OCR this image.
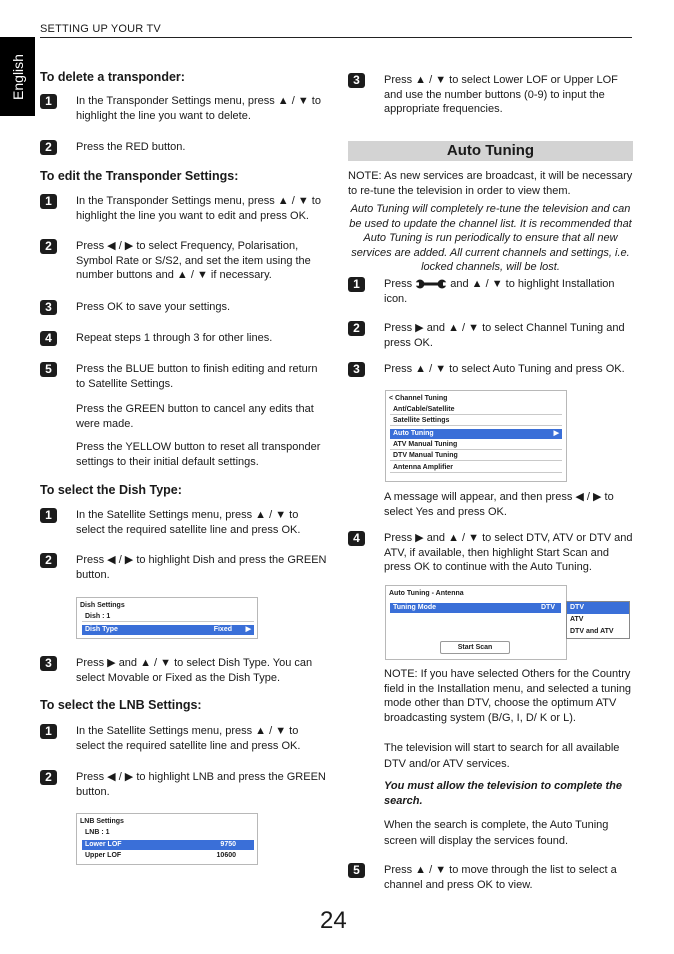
SETTING UP YOUR TV
English To delete a transponder:
1	In the Transponder Settings menu, press ▲ / ▼ to highlight the line you want to delete.
2	Press the RED button.
To edit the Transponder Settings:
1	In the Transponder Settings menu, press ▲ / ▼ to highlight the line you want to edit and press OK.
2	Press ◀ / ▶ to select Frequency, Polarisation, Symbol Rate or S/S2, and set the item using the number buttons and ▲ / ▼ if necessary.
3	Press OK to save your settings.
4	Repeat steps 1 through 3 for other lines.
5	Press the BLUE button to finish editing and return to Satellite Settings.
Press the GREEN button to cancel any edits that were made.
Press the YELLOW button to reset all transponder settings to their initial default settings.
To select the Dish Type:
1	In the Satellite Settings menu, press ▲ / ▼ to select the required satellite line and press OK.
2	Press ◀ / ▶ to highlight Dish and press the GREEN button.
Dish Settings
Dish : 1
Dish Type	Fixed ▶
3	Press ▶ and ▲ / ▼ to select Dish Type. You can select Movable or Fixed as the Dish Type.
To select the LNB Settings:
1	In the Satellite Settings menu, press ▲ / ▼ to select the required satellite line and press OK.
2	Press ◀ / ▶ to highlight LNB and press the GREEN button.
LNB Settings
LNB : 1
Lower LOF	9750
Upper LOF	10600
3	Press ▲ / ▼ to select Lower LOF or Upper LOF and use the number buttons (0-9) to input the appropriate frequencies.
Auto Tuning
NOTE: As new services are broadcast, it will be necessary to re-tune the television in order to view them.
Auto Tuning will completely re-tune the television and can be used to update the channel list. It is recommended that Auto Tuning is run periodically to ensure that all new services are added. All current channels and settings, i.e. locked channels, will be lost.
1	Press	and ▲ / ▼ to highlight Installation icon.
2	Press ▶ and ▲ / ▼ to select Channel Tuning and press OK.
3	Press ▲ / ▼ to select Auto Tuning and press OK.
< Channel Tuning
Ant/Cable/Satellite
Satellite Settings
Auto Tuning	▶
ATV Manual Tuning
DTV Manual Tuning
Antenna Amplifier
A message will appear, and then press ◀ / ▶ to select Yes and press OK.
4	Press ▶ and ▲ / ▼ to select DTV, ATV or DTV and ATV, if available, then highlight Start Scan and press OK to continue with the Auto Tuning.
Auto Tuning - Antenna
Tuning Mode	DTV
Start Scan
DTV
ATV
DTV and ATV
NOTE: If you have selected Others for the Country field in the Installation menu, and selected a tuning mode other than DTV, choose the optimum ATV broadcasting system (B/G, I, D/ K or L).
The television will start to search for all available DTV and/or ATV services.
You must allow the television to complete the search.
When the search is complete, the Auto Tuning screen will display the services found.
5	Press ▲ / ▼ to move through the list to select a channel and press OK to view.
24
